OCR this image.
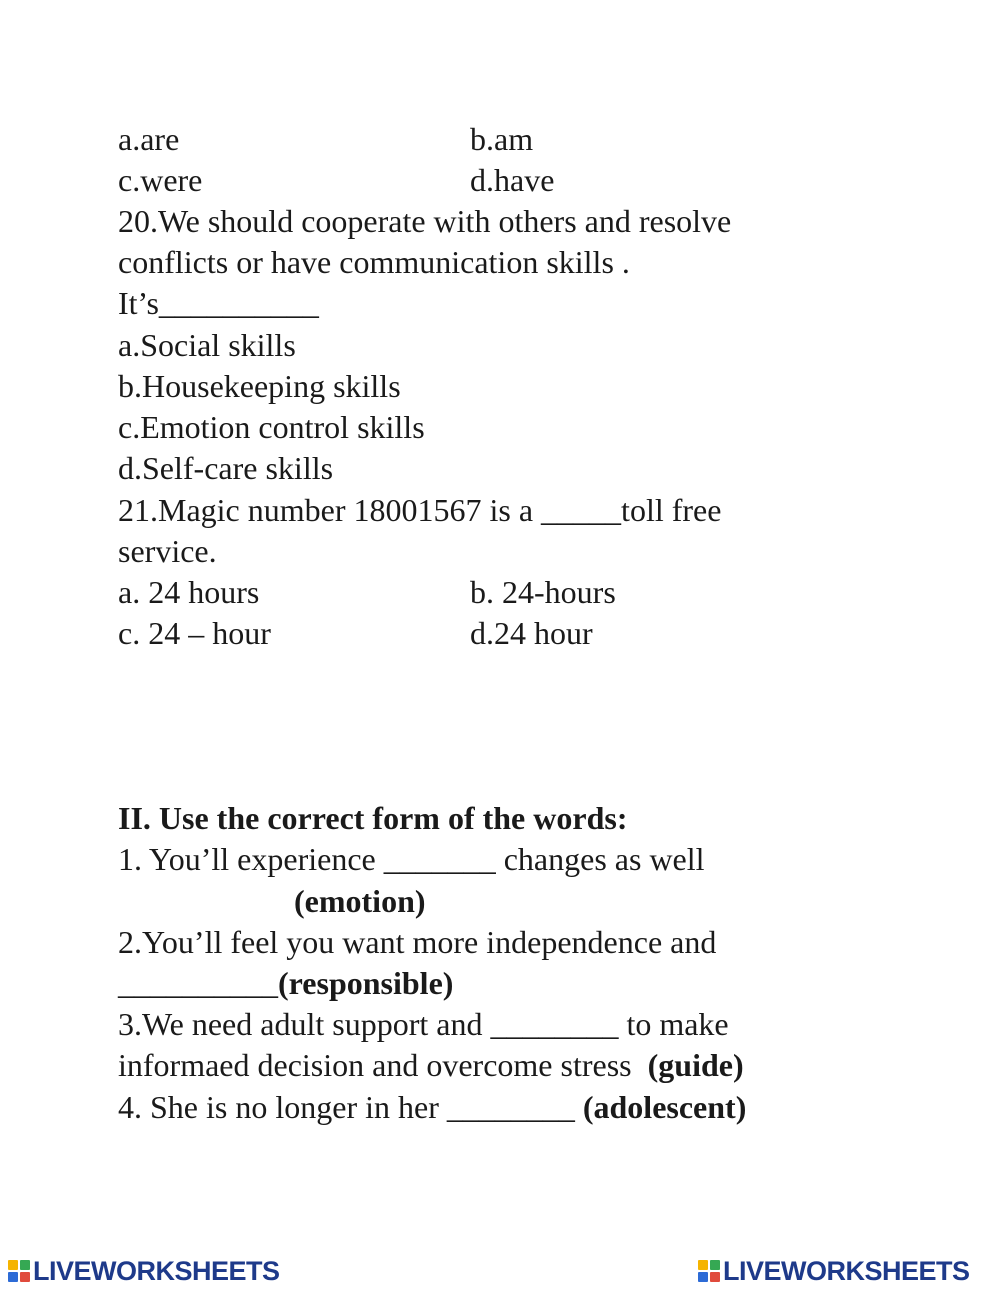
a.are	b.am
c.were	d.have
20.We should cooperate with others and resolve
conflicts or have communication skills .
It’s__________
a.Social skills
b.Housekeeping skills
c.Emotion control skills
d.Self-care skills
21.Magic number 18001567 is a _____toll free
service.
a. 24 hours	b. 24-hours
c. 24 – hour	d.24 hour
II. Use the correct form of the words:
1. You’ll experience _______ changes as well
(emotion)
2.You’ll feel you want more independence and
__________(responsible)
3.We need adult support and ________ to make
informaed decision and overcome stress  (guide)
4. She is no longer in her ________ (adolescent)
LIVEWORKSHEETS	LIVEWORKSHEETS
